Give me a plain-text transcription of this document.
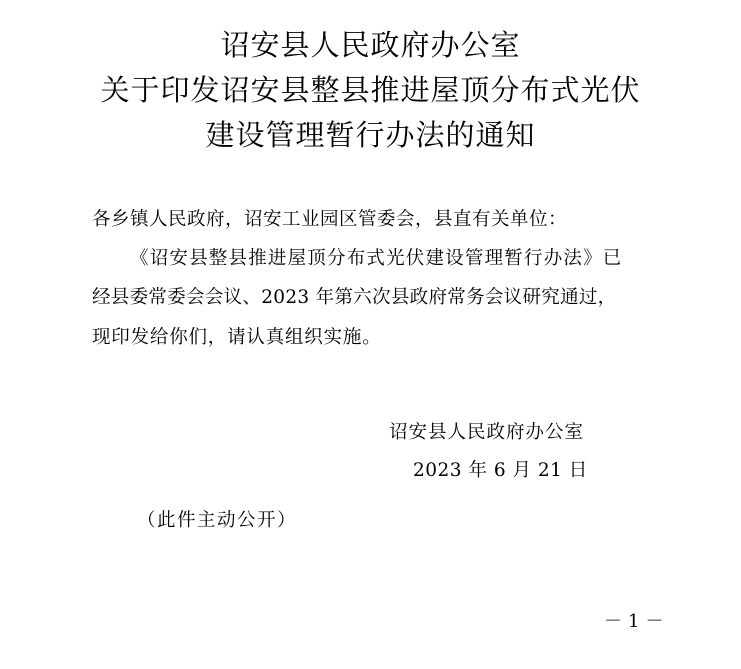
诏安县人民政府办公室
关于印发诏安县整县推进屋顶分布式光伏
建设管理暂行办法的通知
各乡镇人民政府，诏安工业园区管委会，县直有关单位：
《诏安县整县推进屋顶分布式光伏建设管理暂行办法》已
经县委常委会会议、2023 年第六次县政府常务会议研究通过，
现印发给你们，请认真组织实施。
诏安县人民政府办公室
2023 年 6 月 21 日
（此件主动公开）
－1－
